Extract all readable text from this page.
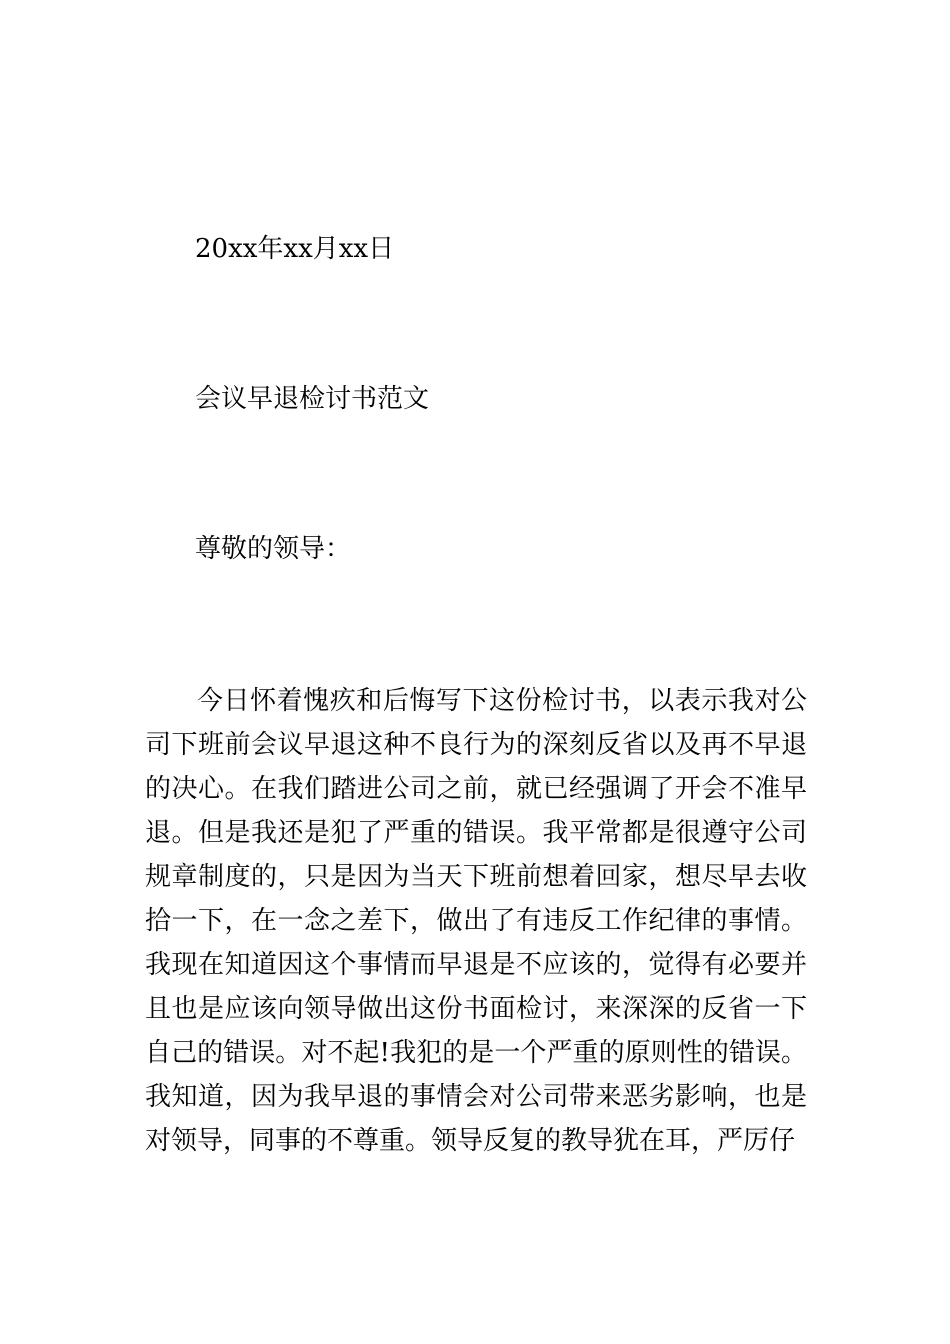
20xx年xx月xx日
会议早退检讨书范文
尊敬的领导：

今日怀着愧疚和后悔写下这份检讨书，以表示我对公司下班前会议早退这种不良行为的深刻反省以及再不早退的决心。在我们踏进公司之前，就已经强调了开会不准早退。但是我还是犯了严重的错误。我平常都是很遵守公司规章制度的，只是因为当天下班前想着回家，想尽早去收拾一下，在一念之差下，做出了有违反工作纪律的事情。我现在知道因这个事情而早退是不应该的，觉得有必要并且也是应该向领导做出这份书面检讨，来深深的反省一下自己的错误。对不起!我犯的是一个严重的原则性的错误。我知道，因为我早退的事情会对公司带来恶劣影响，也是对领导，同事的不尊重。领导反复的教导犹在耳，严厉仔
